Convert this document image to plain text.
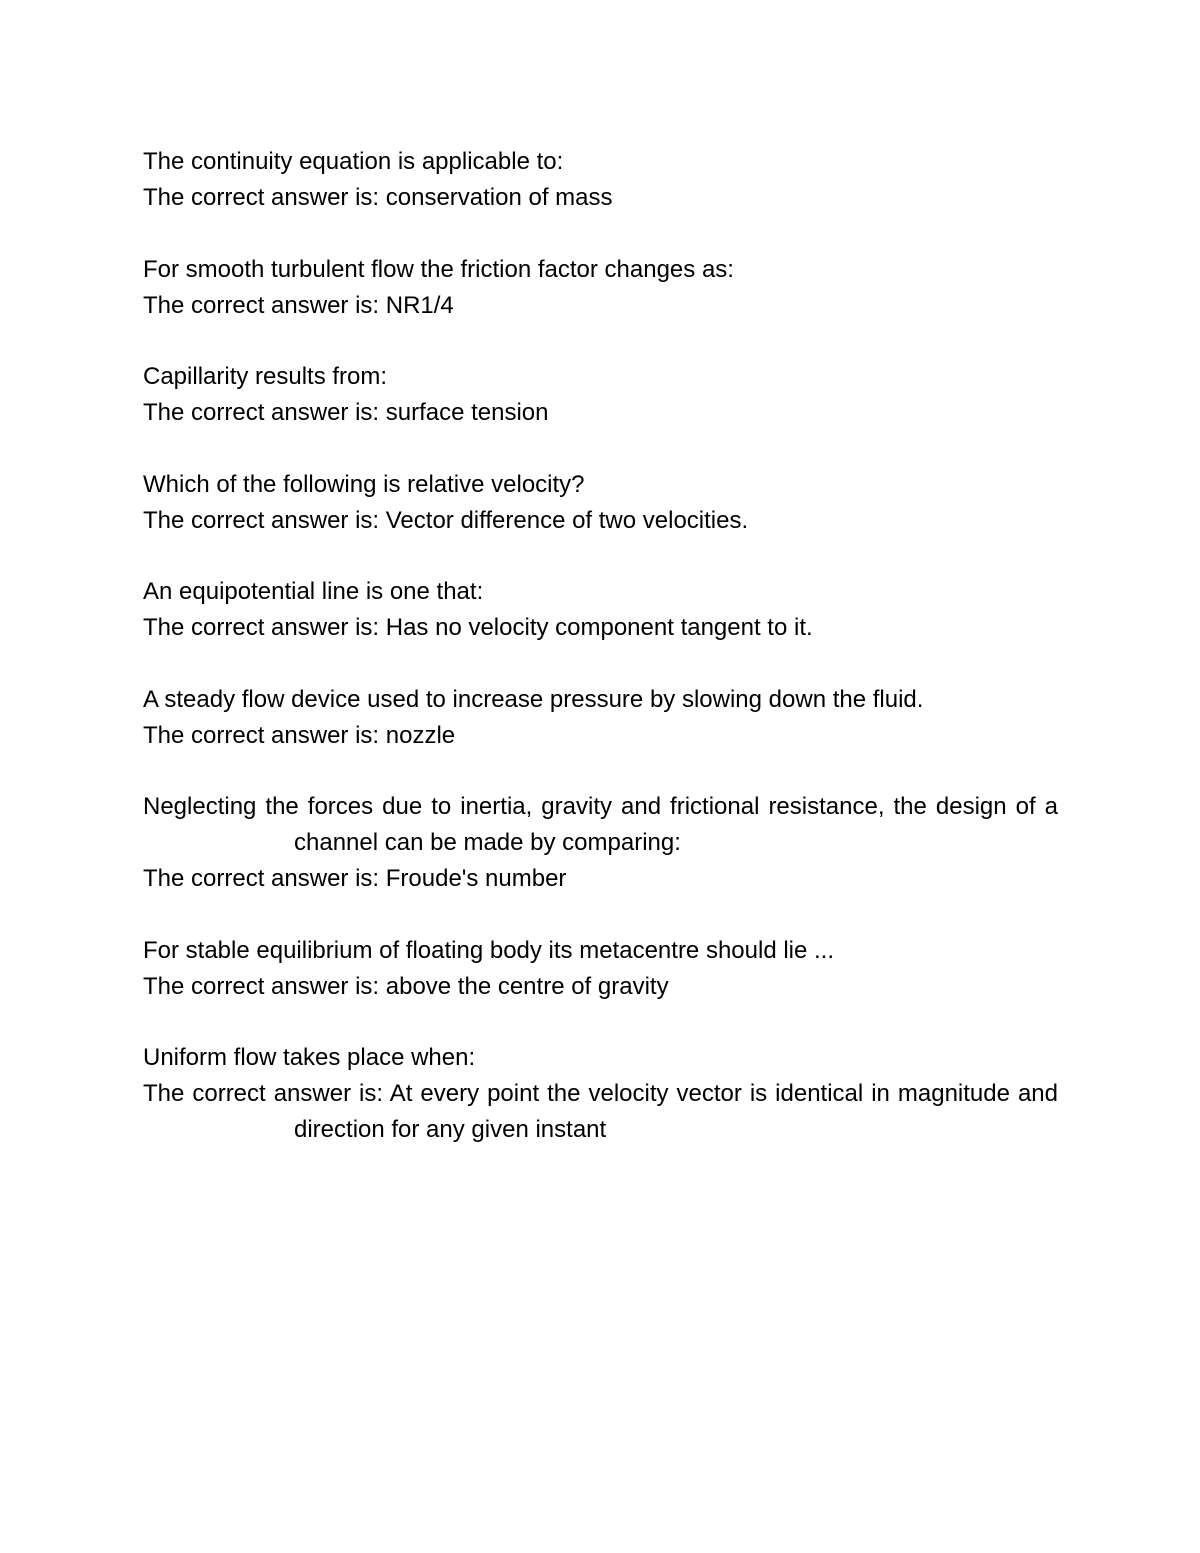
The continuity equation is applicable to:
The correct answer is: conservation of mass
For smooth turbulent flow the friction factor changes as:
The correct answer is: NR1/4
Capillarity results from:
The correct answer is: surface tension
Which of the following is relative velocity?
The correct answer is: Vector difference of two velocities.
An equipotential line is one that:
The correct answer is: Has no velocity component tangent to it.
A steady flow device used to increase pressure by slowing down the fluid.
The correct answer is: nozzle
Neglecting the forces due to inertia, gravity and frictional resistance, the design of a channel can be made by comparing:
The correct answer is: Froude's number
For stable equilibrium of floating body its metacentre should lie ...
The correct answer is: above the centre of gravity
Uniform flow takes place when:
The correct answer is: At every point the velocity vector is identical in magnitude and direction for any given instant
